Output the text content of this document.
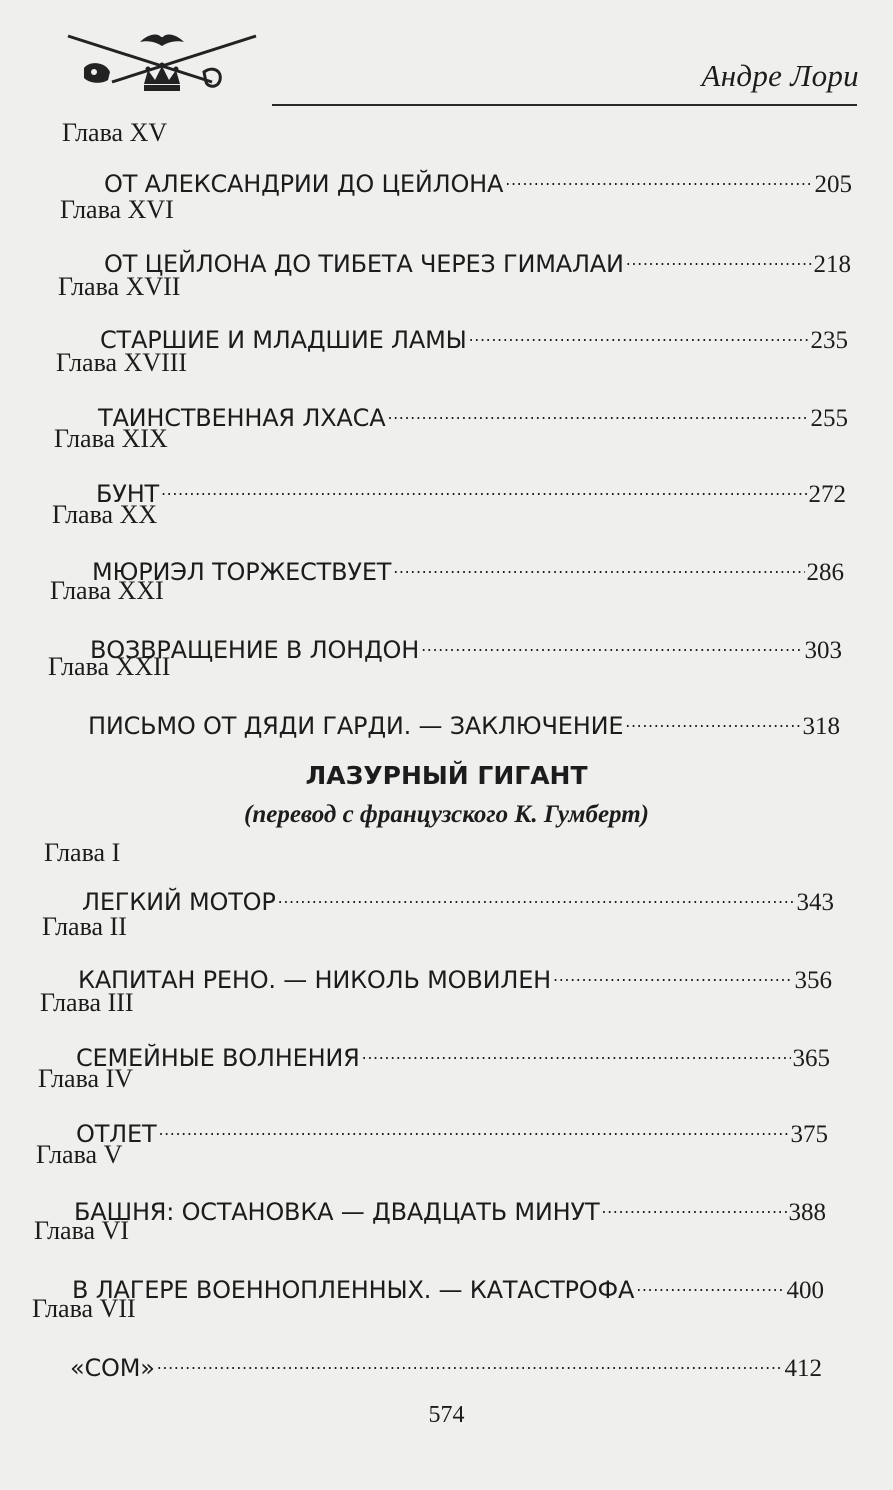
Андре Лори
Глава XV
ОТ АЛЕКСАНДРИИ ДО ЦЕЙЛОНА .....	205
Глава XVI
ОТ ЦЕЙЛОНА ДО ТИБЕТА ЧЕРЕЗ ГИМАЛАИ .....	218
Глава XVII
СТАРШИЕ И МЛАДШИЕ ЛАМЫ .....	235
Глава XVIII
ТАИНСТВЕННАЯ ЛХАСА .....	255
Глава XIX
БУНТ .....	272
Глава XX
МЮРИЭЛ ТОРЖЕСТВУЕТ .....	286
Глава XXI
ВОЗВРАЩЕНИЕ В ЛОНДОН .....	303
Глава XXII
ПИСЬМО ОТ ДЯДИ ГАРДИ. — ЗАКЛЮЧЕНИЕ .....	318
Глава I
ЛЕГКИЙ МОТОР .....	343
Глава II
КАПИТАН РЕНО. — НИКОЛЬ МОВИЛЕН .....	356
Глава III
СЕМЕЙНЫЕ ВОЛНЕНИЯ .....	365
Глава IV
ОТЛЕТ .....	375
Глава V
БАШНЯ: ОСТАНОВКА — ДВАДЦАТЬ МИНУТ .....	388
Глава VI
В ЛАГЕРЕ ВОЕННОПЛЕННЫХ. — КАТАСТРОФА .....	400
Глава VII
«СОМ» .....	412
ЛАЗУРНЫЙ ГИГАНТ
(перевод с французского К. Гумберт)
574
